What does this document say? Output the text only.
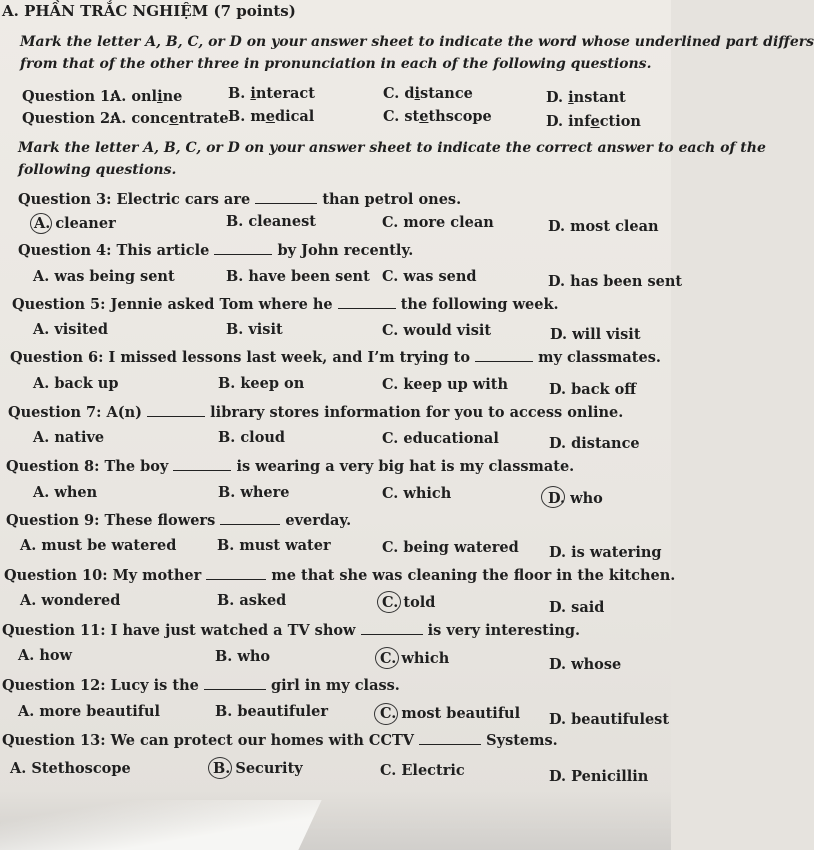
A. PHẦN TRẮC NGHIỆM (7 points)
Mark the letter A, B, C, or D on your answer sheet to indicate the word whose underlined part differs
from that of the other three in pronunciation in each of the following questions.
Question 1:
A. online	B. interact	C. distance	D. instant
Question 2:
A. concentrate B. medical	C. stethscope	D. infection
Mark the letter A, B, C, or D on your answer sheet to indicate the correct answer to each of the
following questions.
Question 3: Electric cars are	than petrol ones.
A. cleaner	B. cleanest	C. more clean	D. most clean
Question 4: This article	by John recently.
A. was being sent	B. have been sent C. was send	D. has been sent
Question 5: Jennie asked Tom where he	the following week.
A. visited	B. visit	C. would visit	D. will visit
Question 6: I missed lessons last week, and I’m trying to	my classmates.
A. back up	B. keep on	C. keep up with	D. back off
Question 7: A(n)	library stores information for you to access online.
A. native	B. cloud	C. educational	D. distance
Question 8: The boy	is wearing a very big hat is my classmate.
A. when	B. where	C. which	D. who
Question 9: These flowers	everday.
A. must be watered	B. must water	C. being watered D. is watering
Question 10: My mother	me that she was cleaning the floor in the kitchen.
A. wondered	B. asked	C. told	D. said
Question 11: I have just watched a TV show	is very interesting.
A. how	B. who	C. which	D. whose
Question 12: Lucy is the	girl in my class.
A. more beautiful	B. beautifuler	C. most beautiful D. beautifulest
Question 13: We can protect our homes with CCTV	Systems.
A. Stethoscope	B. Security	C. Electric	D. Penicillin
